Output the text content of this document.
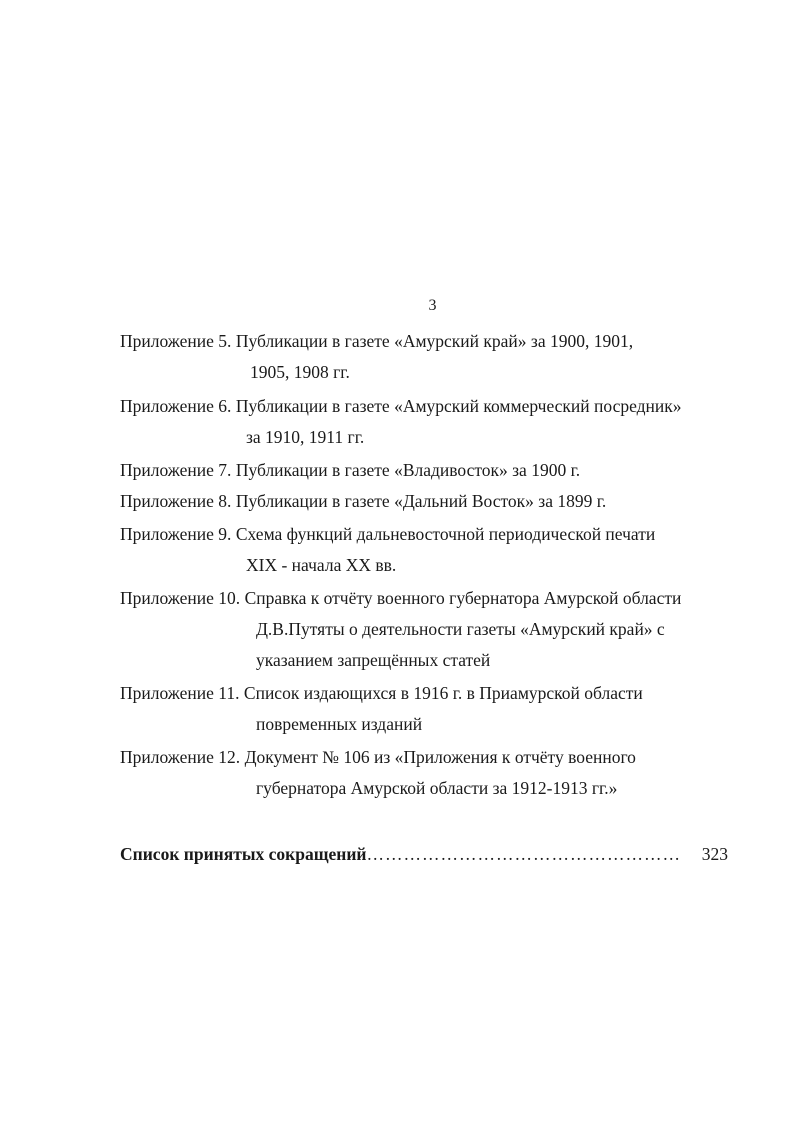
3
Приложение 5. Публикации в газете «Амурский край» за 1900, 1901,
1905, 1908 гг.
Приложение 6. Публикации в газете «Амурский коммерческий посредник»
за 1910, 1911 гг.
Приложение 7. Публикации в газете «Владивосток» за 1900 г.
Приложение 8. Публикации в газете «Дальний Восток» за 1899 г.
Приложение 9. Схема функций дальневосточной периодической печати
XIX - начала XX вв.
Приложение 10. Справка к отчёту военного губернатора Амурской области
Д.В.Путяты о деятельности газеты «Амурский край» с
указанием запрещённых статей
Приложение 11. Список издающихся в 1916 г. в Приамурской области
повременных изданий
Приложение 12. Документ № 106 из «Приложения к отчёту военного
губернатора Амурской области за 1912-1913 гг.»
Список принятых сокращений ……………………………………………	323
